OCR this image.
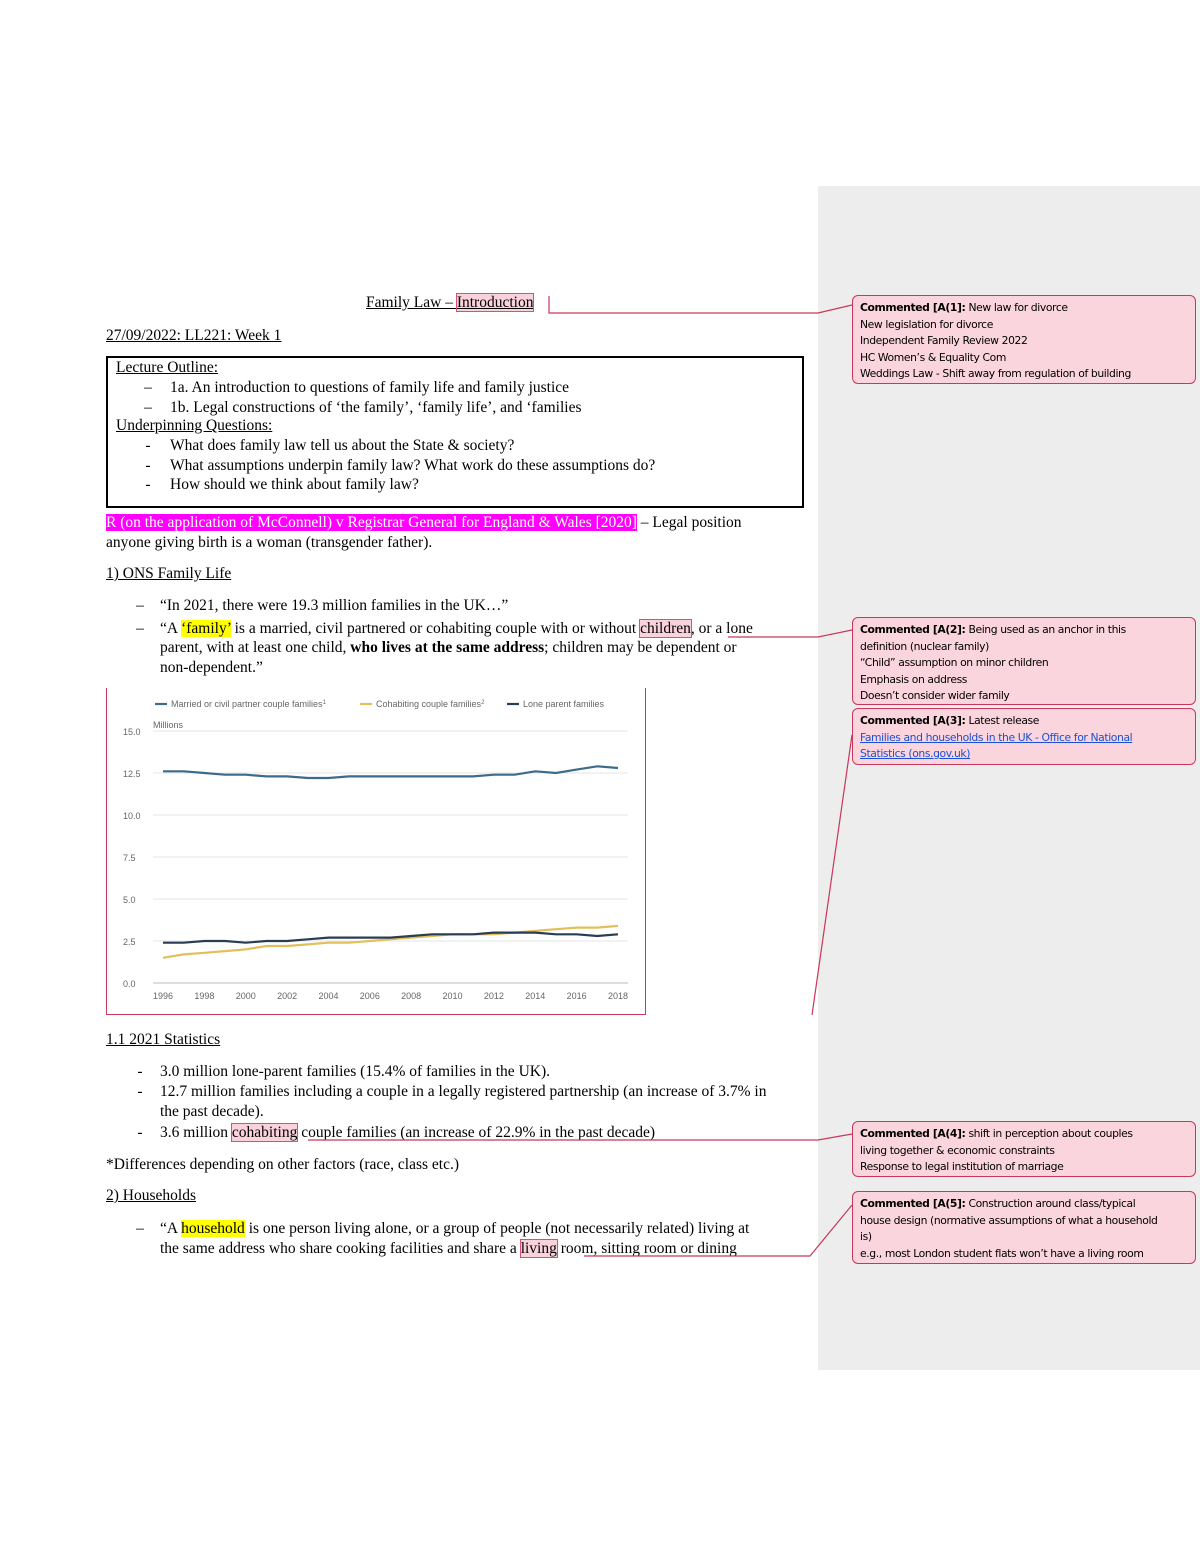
Family Law – Introduction
27/09/2022: LL221: Week 1
Lecture Outline:
–	1a. An introduction to questions of family life and family justice
–	1b. Legal constructions of ‘the family’, ‘family life’, and ‘families
Underpinning Questions:
-	What does family law tell us about the State & society?
-	What assumptions underpin family law? What work do these assumptions do?
-	How should we think about family law?
R (on the application of McConnell) v Registrar General for England & Wales [2020] – Legal position
anyone giving birth is a woman (transgender father).
1) ONS Family Life
–	“In 2021, there were 19.3 million families in the UK…”
–	“A ‘family’ is a married, civil partnered or cohabiting couple with or without children, or a lone
parent, with at least one child, who lives at the same address; children may be dependent or
non-dependent.”
0.0
2.5
5.0
7.5
10.0
12.5
15.0
Millions
1996 1998 2000 2002 2004 2006 2008 2010 2012 2014 2016 2018
Married or civil partner couple families$^1$	Cohabiting couple families$^2$	Lone parent families
1.1 2021 Statistics
-	3.0 million lone-parent families (15.4% of families in the UK).
-	12.7 million families including a couple in a legally registered partnership (an increase of 3.7% in
the past decade).
-	3.6 million cohabiting couple families (an increase of 22.9% in the past decade)
*Differences depending on other factors (race, class etc.)
2) Households
–	“A household is one person living alone, or a group of people (not necessarily related) living at
the same address who share cooking facilities and share a living room, sitting room or dining
Commented [A(1]: New law for divorce
New legislation for divorce
Independent Family Review 2022
HC Women’s & Equality Com
Weddings Law - Shift away from regulation of building
Commented [A(2]: Being used as an anchor in this
definition (nuclear family)
“Child” assumption on minor children
Emphasis on address
Doesn’t consider wider family
Commented [A(3]: Latest release
Families and households in the UK - Office for National
Statistics (ons.gov.uk)
Commented [A(4]: shift in perception about couples
living together & economic constraints
Response to legal institution of marriage
Commented [A(5]: Construction around class/typical
house design (normative assumptions of what a household
is)
e.g., most London student flats won’t have a living room
